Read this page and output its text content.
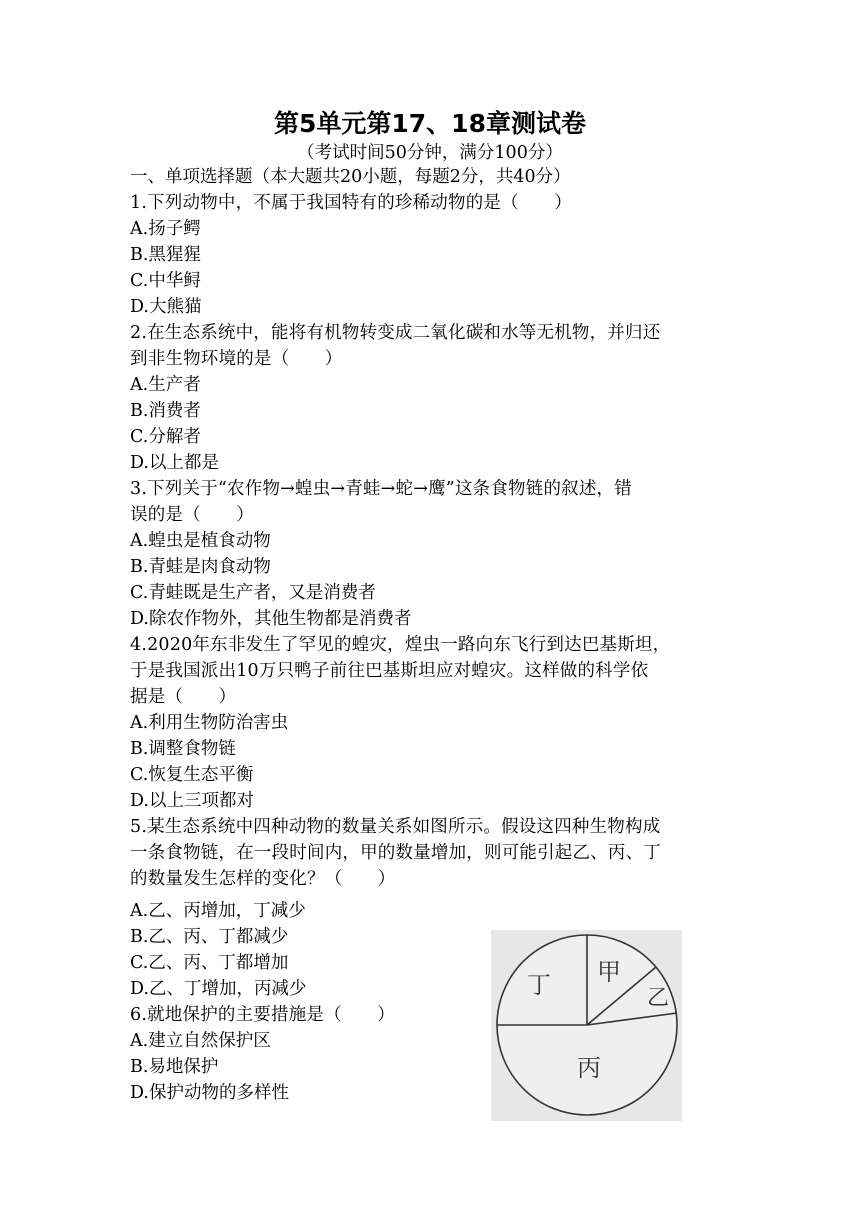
第5单元第17、18章测试卷
（考试时间50分钟，满分100分）
一、单项选择题（本大题共20小题，每题2分，共40分）
1.下列动物中，不属于我国特有的珍稀动物的是（　　）
A.扬子鳄
B.黑猩猩
C.中华鲟
D.大熊猫
2.在生态系统中，能将有机物转变成二氧化碳和水等无机物，并归还
到非生物环境的是（　　）
A.生产者
B.消费者
C.分解者
D.以上都是
3.下列关于“农作物→蝗虫→青蛙→蛇→鹰”这条食物链的叙述，错
误的是（　　）
A.蝗虫是植食动物
B.青蛙是肉食动物
C.青蛙既是生产者，又是消费者
D.除农作物外，其他生物都是消费者
4.2020年东非发生了罕见的蝗灾，煌虫一路向东飞行到达巴基斯坦，
于是我国派出10万只鸭子前往巴基斯坦应对蝗灾。这样做的科学依
据是（　　）
A.利用生物防治害虫
B.调整食物链
C.恢复生态平衡
D.以上三项都对
5.某生态系统中四种动物的数量关系如图所示。假设这四种生物构成
一条食物链，在一段时间内，甲的数量增加，则可能引起乙、丙、丁
的数量发生怎样的变化？（　　）
A.乙、丙增加，丁减少
B.乙、丙、丁都减少
C.乙、丙、丁都增加
D.乙、丁增加，丙减少
6.就地保护的主要措施是（　　）
A.建立自然保护区
B.易地保护
D.保护动物的多样性
丁 甲
乙
丙
